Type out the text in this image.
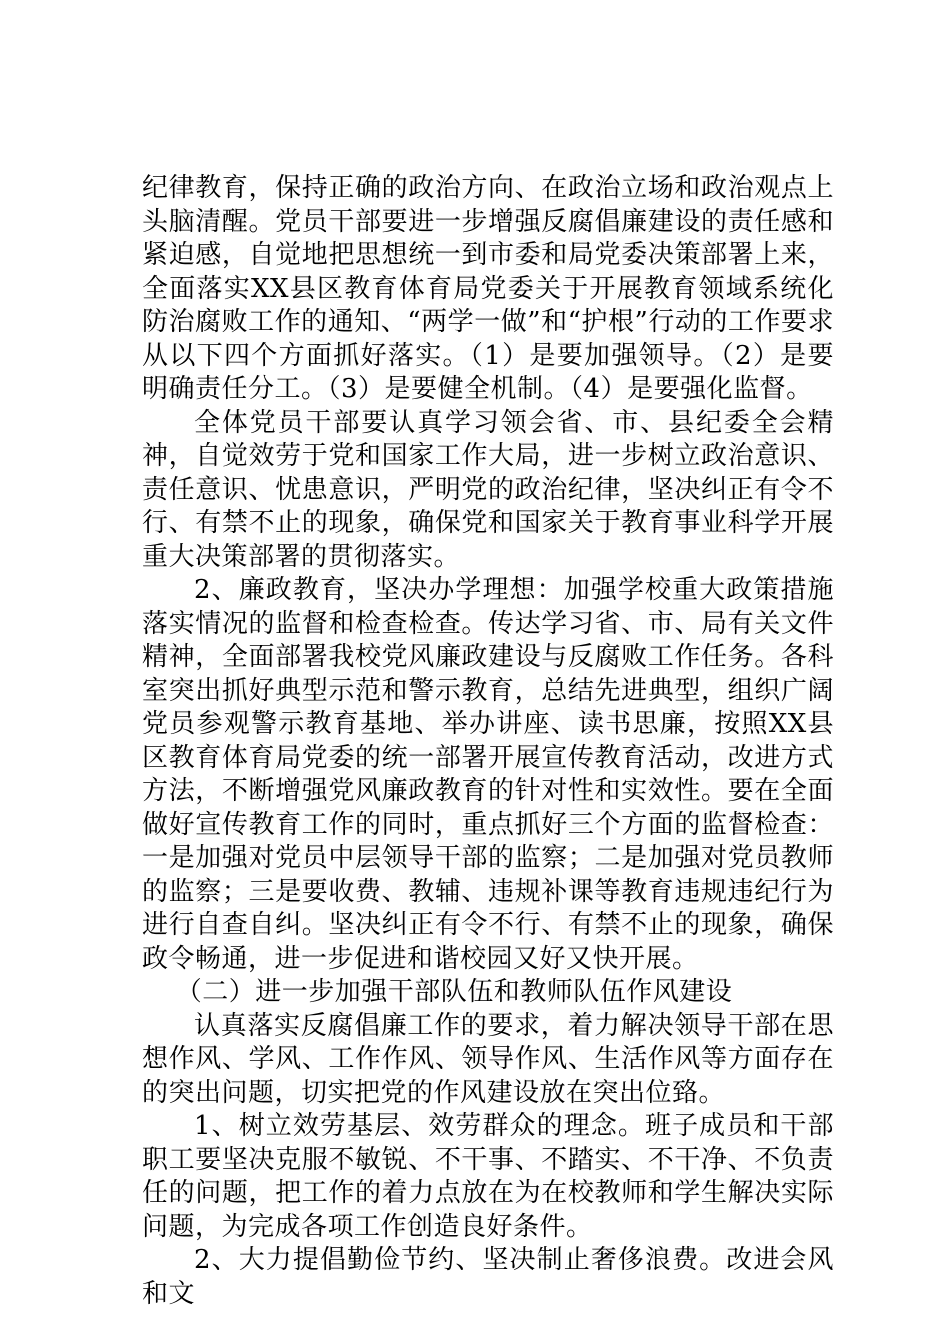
纪律教育，保持正确的政治方向、在政治立场和政治观点上头脑清醒。党员干部要进一步增强反腐倡廉建设的责任感和紧迫感，自觉地把思想统一到市委和局党委决策部署上来，全面落实XX县区教育体育局党委关于开展教育领域系统化防治腐败工作的通知、“两学一做”和“护根”行动的工作要求从以下四个方面抓好落实。（1）是要加强领导。（2）是要明确责任分工。（3）是要健全机制。（4）是要强化监督。

全体党员干部要认真学习领会省、市、县纪委全会精神，自觉效劳于党和国家工作大局，进一步树立政治意识、责任意识、忧患意识，严明党的政治纪律，坚决纠正有令不行、有禁不止的现象，确保党和国家关于教育事业科学开展重大决策部署的贯彻落实。

2、廉政教育，坚决办学理想：加强学校重大政策措施落实情况的监督和检查检查。传达学习省、市、局有关文件精神，全面部署我校党风廉政建设与反腐败工作任务。各科室突出抓好典型示范和警示教育，总结先进典型，组织广阔党员参观警示教育基地、举办讲座、读书思廉，按照XX县区教育体育局党委的统一部署开展宣传教育活动，改进方式方法，不断增强党风廉政教育的针对性和实效性。要在全面做好宣传教育工作的同时，重点抓好三个方面的监督检查：一是加强对党员中层领导干部的监察；二是加强对党员教师的监察；三是要收费、教辅、违规补课等教育违规违纪行为进行自查自纠。坚决纠正有令不行、有禁不止的现象，确保政令畅通，进一步促进和谐校园又好又快开展。

（二）进一步加强干部队伍和教师队伍作风建设

认真落实反腐倡廉工作的要求，着力解决领导干部在思想作风、学风、工作作风、领导作风、生活作风等方面存在的突出问题，切实把党的作风建设放在突出位臵。

1、树立效劳基层、效劳群众的理念。班子成员和干部职工要坚决克服不敏锐、不干事、不踏实、不干净、不负责任的问题，把工作的着力点放在为在校教师和学生解决实际问题，为完成各项工作创造良好条件。

2、大力提倡勤俭节约、坚决制止奢侈浪费。改进会风和文
